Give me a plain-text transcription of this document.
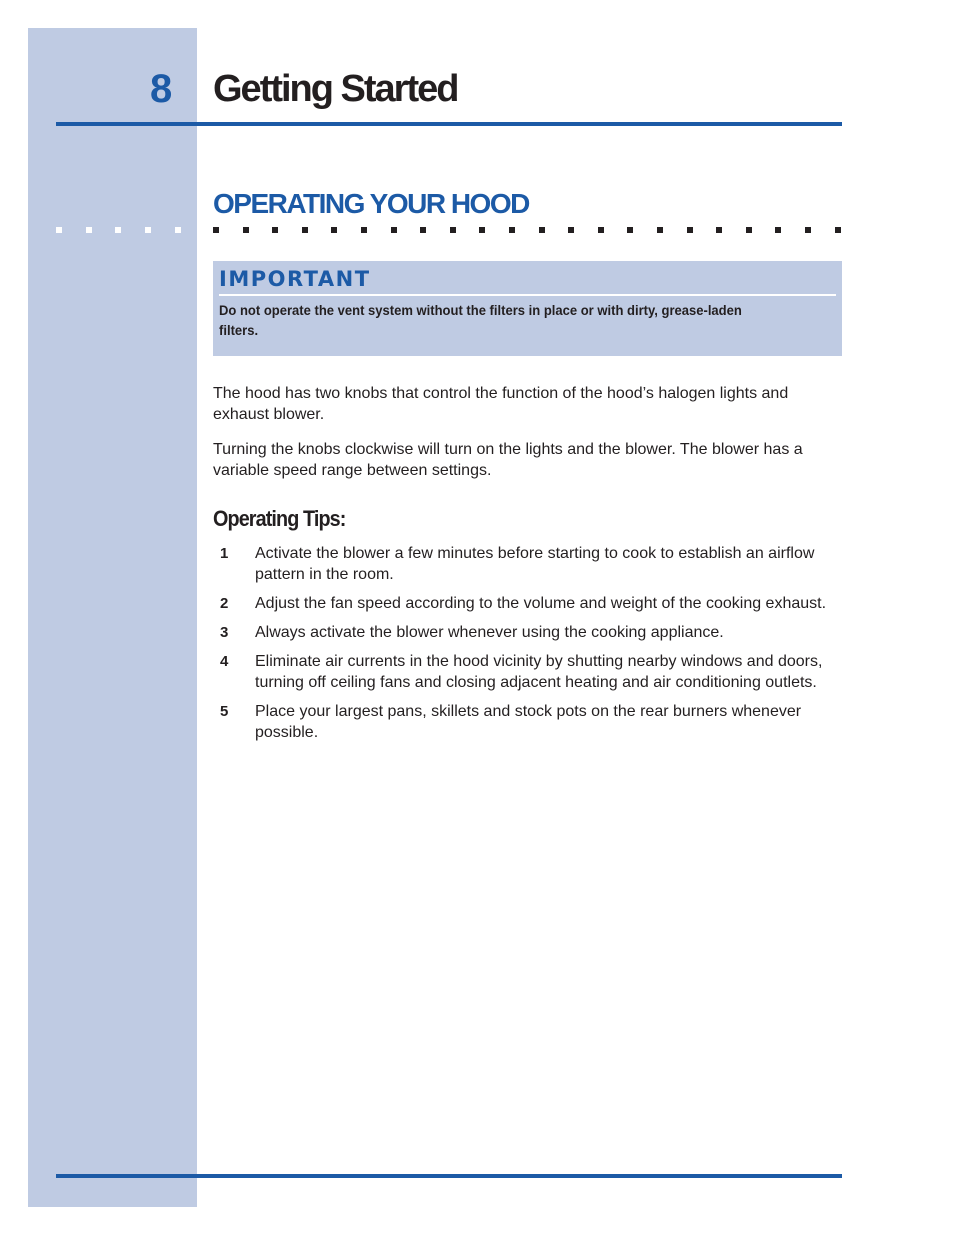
8	Getting Started
OPERATING YOUR HOOD
IMPORTANT
Do not operate the vent system without the filters in place or with dirty, grease-laden filters.

The hood has two knobs that control the function of the hood’s halogen lights and exhaust blower.

Turning the knobs clockwise will turn on the lights and the blower. The blower has a variable speed range between settings.

Operating Tips:
1 Activate the blower a few minutes before starting to cook to establish an airflow pattern in the room.
2 Adjust the fan speed according to the volume and weight of the cooking exhaust.
3 Always activate the blower whenever using the cooking appliance.
4 Eliminate air currents in the hood vicinity by shutting nearby windows and doors, turning off ceiling fans and closing adjacent heating and air conditioning outlets.
5 Place your largest pans, skillets and stock pots on the rear burners whenever possible.
